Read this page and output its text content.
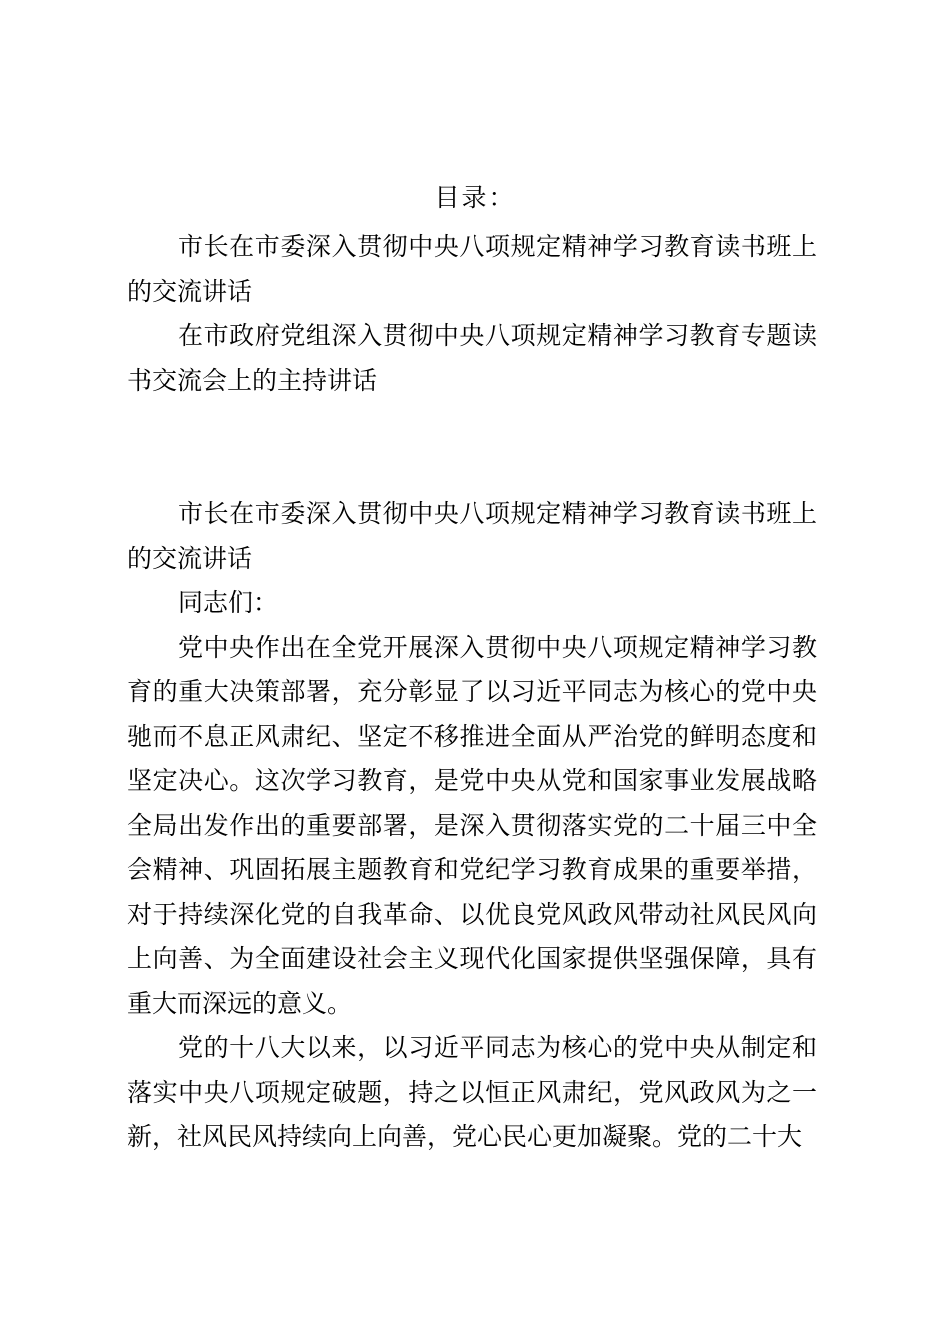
目录：

市长在市委深入贯彻中央八项规定精神学习教育读书班上的交流讲话

在市政府党组深入贯彻中央八项规定精神学习教育专题读书交流会上的主持讲话

市长在市委深入贯彻中央八项规定精神学习教育读书班上的交流讲话

同志们：

党中央作出在全党开展深入贯彻中央八项规定精神学习教育的重大决策部署，充分彰显了以习近平同志为核心的党中央驰而不息正风肃纪、坚定不移推进全面从严治党的鲜明态度和坚定决心。这次学习教育，是党中央从党和国家事业发展战略全局出发作出的重要部署，是深入贯彻落实党的二十届三中全会精神、巩固拓展主题教育和党纪学习教育成果的重要举措，对于持续深化党的自我革命、以优良党风政风带动社风民风向上向善、为全面建设社会主义现代化国家提供坚强保障，具有重大而深远的意义。

党的十八大以来，以习近平同志为核心的党中央从制定和落实中央八项规定破题，持之以恒正风肃纪，党风政风为之一新，社风民风持续向上向善，党心民心更加凝聚。党的二十大
